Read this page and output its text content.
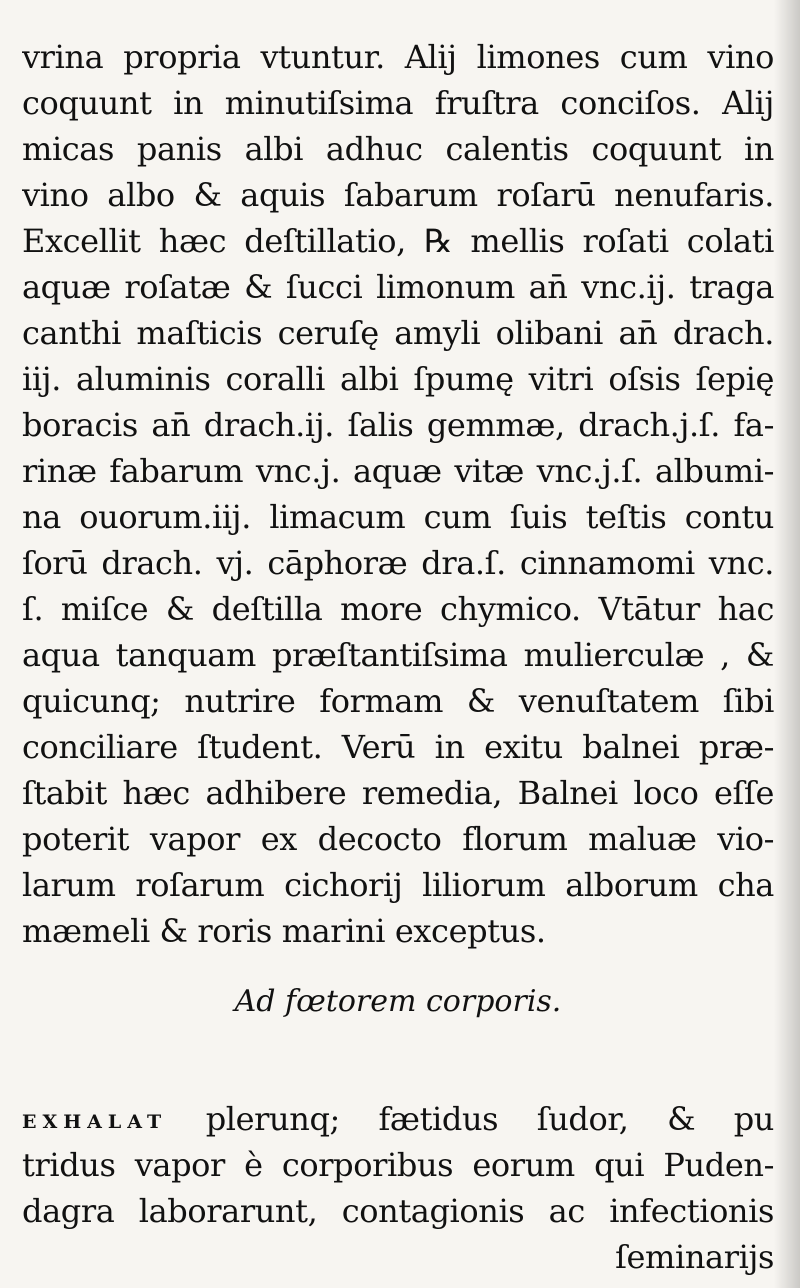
vrina propria vtuntur. Alij limones cum vino
coquunt in minutiſsima fruſtra conciſos. Alij
micas panis albi adhuc calentis coquunt in
vino albo & aquis ſabarum roſarū nenufaris.
Excellit hæc deſtillatio, ℞ mellis roſati colati
aquæ roſatæ & ſucci limonum an̄ vnc.ij. traga
canthi maſticis ceruſę amyli olibani an̄ drach.
iij. aluminis coralli albi ſpumę vitri oſsis ſepię
boracis an̄ drach.ij. ſalis gemmæ, drach.j.ſ. fa-
rinæ fabarum vnc.j. aquæ vitæ vnc.j.ſ. albumi-
na ouorum.iij. limacum cum ſuis teſtis contu
ſorū drach. vj. cāphoræ dra.ſ. cinnamomi vnc.
ſ. miſce & deſtilla more chymico. Vtātur hac
aqua tanquam præſtantiſsima mulierculæ , &
quicunq; nutrire formam & venuſtatem ſibi
conciliare ſtudent. Verū in exitu balnei præ-
ſtabit hæc adhibere remedia, Balnei loco eſſe
poterit vapor ex decocto florum maluæ vio-
larum roſarum cichorij liliorum alborum cha
mæmeli & roris marini exceptus.
Ad fœtorem corporis.
EXHALAT plerunq; fætidus ſudor, & pu
tridus vapor è corporibus eorum qui Puden-
dagra laborarunt, contagionis ac infectionis
ſeminarijs
